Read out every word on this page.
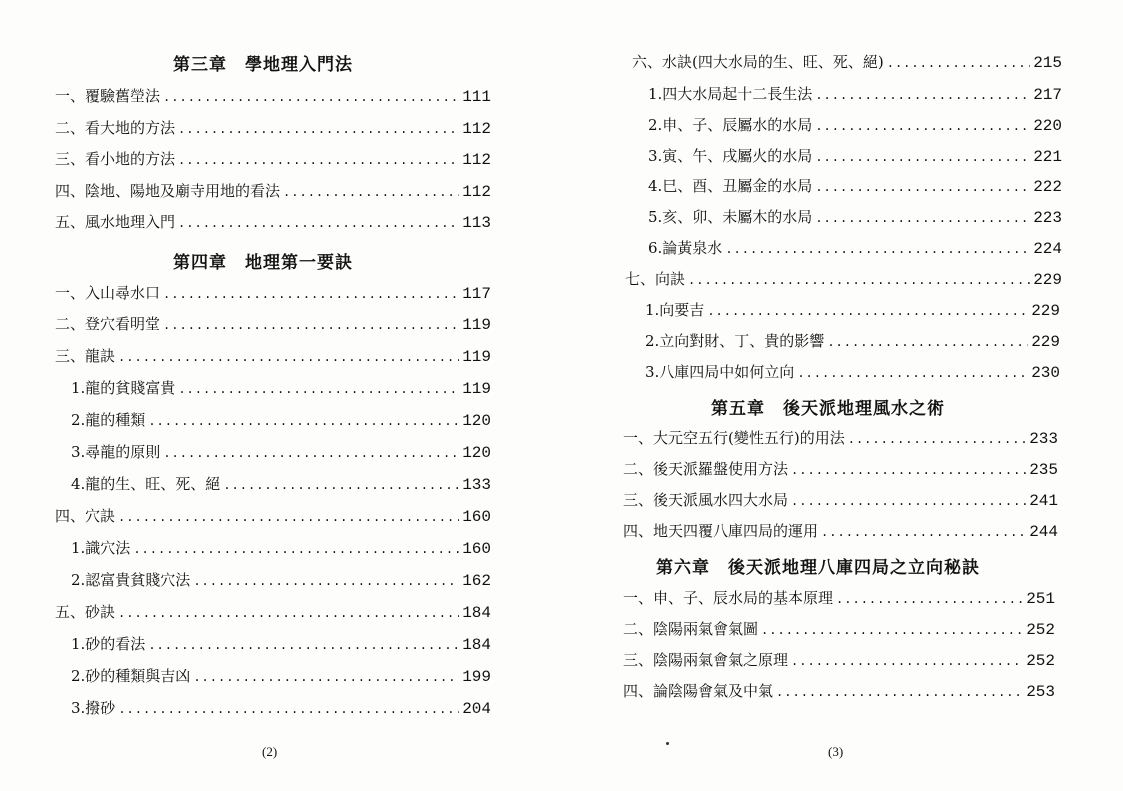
第三章　學地理入門法
一、覆驗舊塋法 .....	111
二、看大地的方法 .....	112
三、看小地的方法 .....	112
四、陰地、陽地及廟寺用地的看法 .....	112
五、風水地理入門 .....	113
第四章　地理第一要訣
一、入山尋水口 .....	117
二、登穴看明堂 .....	119
三、龍訣 .....	119
1.龍的貧賤富貴 .....	119
2.龍的種類 .....	120
3.尋龍的原則 .....	120
4.龍的生、旺、死、絕 .....	133
四、穴訣 .....	160
1.識穴法 .....	160
2.認富貴貧賤穴法 .....	162
五、砂訣 .....	184
1.砂的看法 .....	184
2.砂的種類與吉凶 .....	199
3.撥砂 .....	204
(2)
六、水訣(四大水局的生、旺、死、絕) .....	215
1.四大水局起十二長生法 .....	217
2.申、子、辰屬水的水局 .....	220
3.寅、午、戌屬火的水局 .....	221
4.巳、酉、丑屬金的水局 .....	222
5.亥、卯、未屬木的水局 .....	223
6.論黃泉水 .....	224
七、向訣 .....	229
1.向要吉 .....	229
2.立向對財、丁、貴的影響 .....	229
3.八庫四局中如何立向 .....	230
第五章　後天派地理風水之術
一、大元空五行(變性五行)的用法 .....	233
二、後天派羅盤使用方法 .....	235
三、後天派風水四大水局 .....	241
四、地天四覆八庫四局的運用 .....	244
第六章　後天派地理八庫四局之立向秘訣
一、申、子、辰水局的基本原理 .....	251
二、陰陽兩氣會氣圖 .....	252
三、陰陽兩氣會氣之原理 .....	252
四、論陰陽會氣及中氣 .....	253
(3)
